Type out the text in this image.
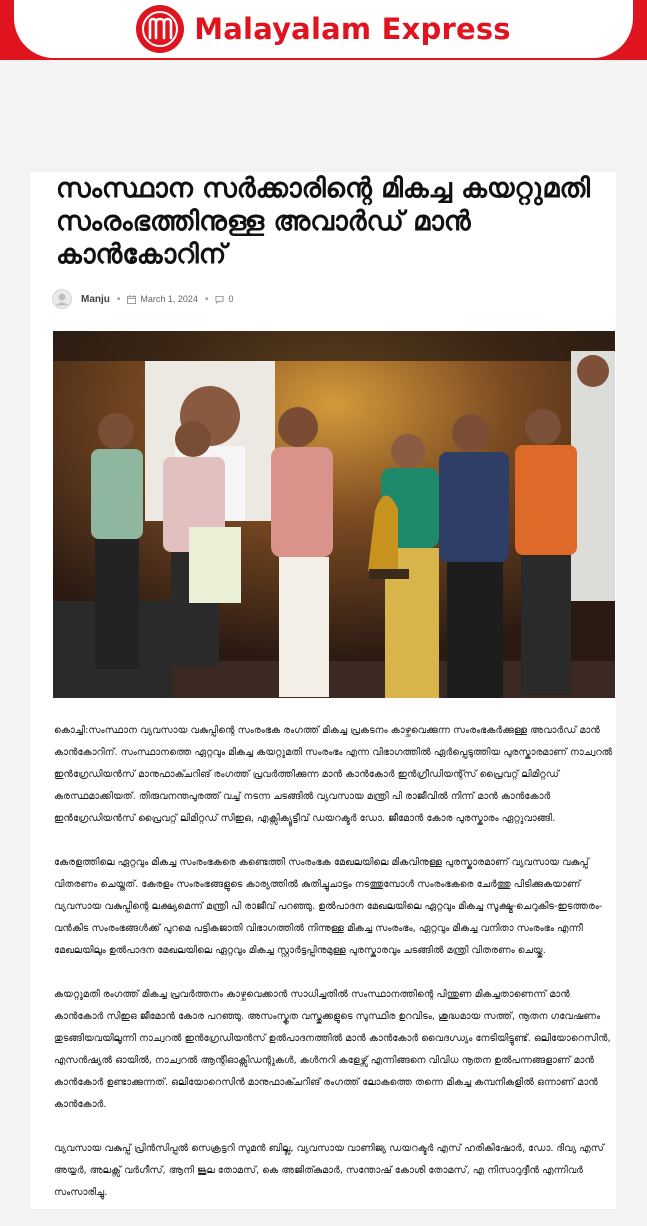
Malayalam Express
സംസ്ഥാന സർക്കാരിന്റെ മികച്ച കയറ്റുമതി സംരംഭത്തിനുള്ള അവാർഡ് മാൻ കാൻകോറിന്
Manju • March 1, 2024 • 0

കൊച്ചി:സംസ്ഥാന വ്യവസായ വകുപ്പിന്റെ സംരംഭക രംഗത്ത് മികച്ച പ്രകടനം കാഴ്ചവെക്കുന്ന സംരംഭകർക്കുള്ള അവാർഡ് മാൻ കാൻകോറിന്. സംസ്ഥാനത്തെ ഏറ്റവും മികച്ച കയറ്റുമതി സംരംഭം എന്ന വിഭാഗത്തിൽ ഏർപ്പെടുത്തിയ പുരസ്കാരമാണ് നാച്വറൽ ഇൻഗ്രേഡിയൻസ് മാനുഫാക്ചറിങ് രംഗത്ത് പ്രവർത്തിക്കുന്ന മാൻ കാൻകോർ ഇൻഗ്രീഡിയന്റ്സ് പ്രൈവറ്റ് ലിമിറ്റഡ് കരസ്ഥമാക്കിയത്. തിരുവനന്തപുരത്ത് വച്ച് നടന്ന ചടങ്ങിൽ വ്യവസായ മന്ത്രി പി രാജീവിൽ നിന്ന് മാൻ കാൻകോർ ഇൻഗ്രേഡിയൻസ് പ്രൈവറ്റ് ലിമിറ്റഡ് സിഇഒ, എക്സിക്യൂട്ടീവ് ഡയറക്ടർ ഡോ. ജീമോൻ കോര പുരസ്കാരം ഏറ്റുവാങ്ങി.

കേരളത്തിലെ ഏറ്റവും മികച്ച സംരംഭകരെ കണ്ടെത്തി സംരംഭക മേഖലയിലെ മികവിനുള്ള പുരസ്കാരമാണ് വ്യവസായ വകുപ്പ് വിതരണം ചെയ്തത്. കേരളം സംരംഭങ്ങളുടെ കാര്യത്തിൽ കുതിച്ചുചാട്ടം നടത്തുമ്പോൾ സംരംഭകരെ ചേർത്തു പിടിക്കുകയാണ് വ്യവസായ വകുപ്പിന്റെ ലക്ഷ്യമെന്ന് മന്ത്രി പി രാജീവ് പറഞ്ഞു. ഉൽപാദന മേഖലയിലെ ഏറ്റവും മികച്ച സൂക്ഷ്മ-ചെറുകിട-ഇടത്തരം-വൻകിട സംരംഭങ്ങൾക്ക് പുറമെ പട്ടികജാതി വിഭാഗത്തിൽ നിന്നുള്ള മികച്ച സംരംഭം, ഏറ്റവും മികച്ച വനിതാ സംരംഭം എന്നീ മേഖലയിലും ഉൽപാദന മേഖലയിലെ ഏറ്റവും മികച്ച സ്റ്റാർട്ടപ്പിനുമുള്ള പുരസ്കാരവും ചടങ്ങിൽ മന്ത്രി വിതരണം ചെയ്തു.

കയറ്റുമതി രംഗത്ത് മികച്ച പ്രവർത്തനം കാഴ്ചവെക്കാൻ സാധിച്ചതിൽ സംസ്ഥാനത്തിന്റെ പിന്തുണ മികച്ചതാണെന്ന് മാൻ കാൻകോർ സിഇഒ ജീമോൻ കോര പറഞ്ഞു. അസംസ്കൃത വസ്തുക്കളുടെ സുസ്ഥിര ഉറവിടം, ശുദ്ധമായ സത്ത്, നൂതന ഗവേഷണം തുടങ്ങിയവയിലൂന്നി നാച്വറൽ ഇൻഗ്രേഡിയൻസ് ഉൽപാദനത്തിൽ മാൻ കാൻകോർ വൈദഗ്ധ്യം നേടിയിട്ടുണ്ട്. ഒലിയോറെസിൻ, എസൻഷ്യൽ ഓയിൽ, നാച്വറൽ ആന്റിഓക്സിഡന്റുകൾ, കൾനറി കളേഴ്സ് എന്നിങ്ങനെ വിവിധ നൂതന ഉൽപന്നങ്ങളാണ് മാൻ കാൻകോർ ഉണ്ടാക്കുന്നത്. ഒലിയോറെസിൻ മാനുഫാക്ചറിങ് രംഗത്ത് ലോകത്തെ തന്നെ മികച്ച കമ്പനികളിൽ ഒന്നാണ് മാൻ കാൻകോർ.

വ്യവസായ വകുപ്പ് പ്രിൻസിപ്പൽ സെക്രട്ടറി സുമൻ ബില്ല, വ്യവസായ വാണിജ്യ ഡയറക്ടർ എസ് ഹരികിഷോർ, ഡോ. ദിവ്യ എസ് അയ്യർ, അലക്സ് വർഗീസ്, ആനി ജൂല തോമസ്, കെ അജിത്കുമാർ, സന്തോഷ് കോശി തോമസ്, എ നിസാറുദ്ദീൻ എന്നിവർ സംസാരിച്ചു.
